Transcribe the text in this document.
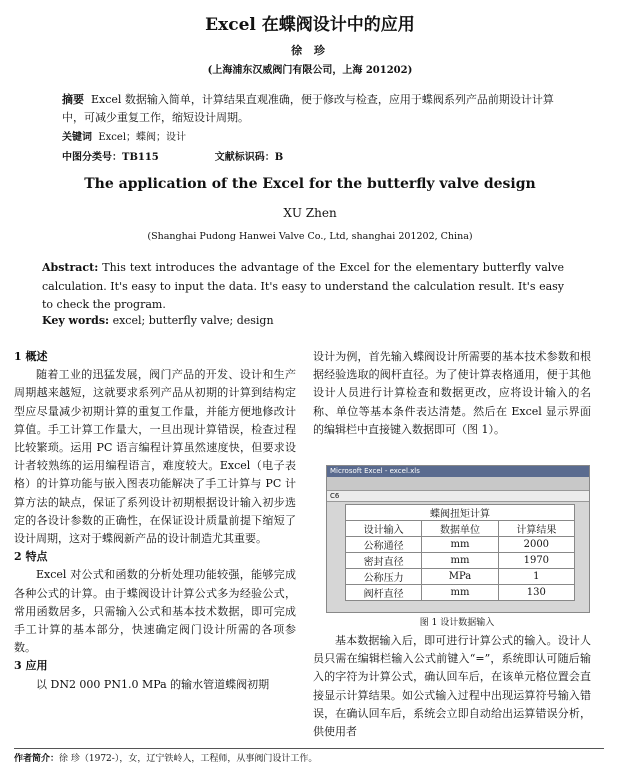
Excel 在蝶阀设计中的应用
徐 珍
(上海浦东汉威阀门有限公司，上海 201202)
摘要 Excel 数据输入简单，计算结果直观准确，便于修改与检查，应用于蝶阀系列产品前期设计计算中，可减少重复工作，缩短设计周期。
关键词 Excel；蝶阀；设计
中图分类号：TB115	文献标识码：B
The application of the Excel for the butterfly valve design
XU Zhen
(Shanghai Pudong Hanwei Valve Co., Ltd, shanghai 201202, China)
Abstract: This text introduces the advantage of the Excel for the elementary butterfly valve calculation. It's easy to input the data. It's easy to understand the calculation result. It's easy to check the program.
Key words: excel; butterfly valve; design
1 概述

随着工业的迅猛发展，阀门产品的开发、设计和生产周期越来越短，这就要求系列产品从初期的计算到结构定型应尽量减少初期计算的重复工作量，并能方便地修改计算值。手工计算工作量大，一旦出现计算错误，检查过程比较繁琐。运用 PC 语言编程计算虽然速度快，但要求设计者较熟练的运用编程语言，难度较大。Excel（电子表格）的计算功能与嵌入图表功能解决了手工计算与 PC 计算方法的缺点，保证了系列设计初期根据设计输入初步选定的各设计参数的正确性，在保证设计质量前提下缩短了设计周期，这对于蝶阀新产品的设计制造尤其重要。

2 特点

Excel 对公式和函数的分析处理功能较强，能够完成各种公式的计算。由于蝶阀设计计算公式多为经验公式，常用函数居多，只需输入公式和基本技术数据，即可完成手工计算的基本部分，快速确定阀门设计所需的各项参数。

3 应用

以 DN2 000 PN1.0 MPa 的输水管道蝶阀初期

设计为例，首先输入蝶阀设计所需要的基本技术参数和根据经验选取的阀杆直径。为了使计算表格通用，便于其他设计人员进行计算检查和数据更改，应将设计输入的名称、单位等基本条件表达清楚。然后在 Excel 显示界面的编辑栏中直接键入数据即可（图 1）。

Microsoft Excel - excel.xls
C6
蝶阀扭矩计算		
设计输入	数据单位	计算结果
公称通径	mm	2000
密封直径	mm	1970
公称压力	MPa	1
阀杆直径	mm	130
图 1 设计数据输入

基本数据输入后，即可进行计算公式的输入。设计人员只需在编辑栏输入公式前键入“=”，系统即认可随后输入的字符为计算公式，确认回车后，在该单元格位置会直接显示计算结果。如公式输入过程中出现运算符号输入错误，在确认回车后，系统会立即自动给出运算错误分析，供使用者

作者简介：徐 珍（1972-），女，辽宁铁岭人，工程师，从事阀门设计工作。
